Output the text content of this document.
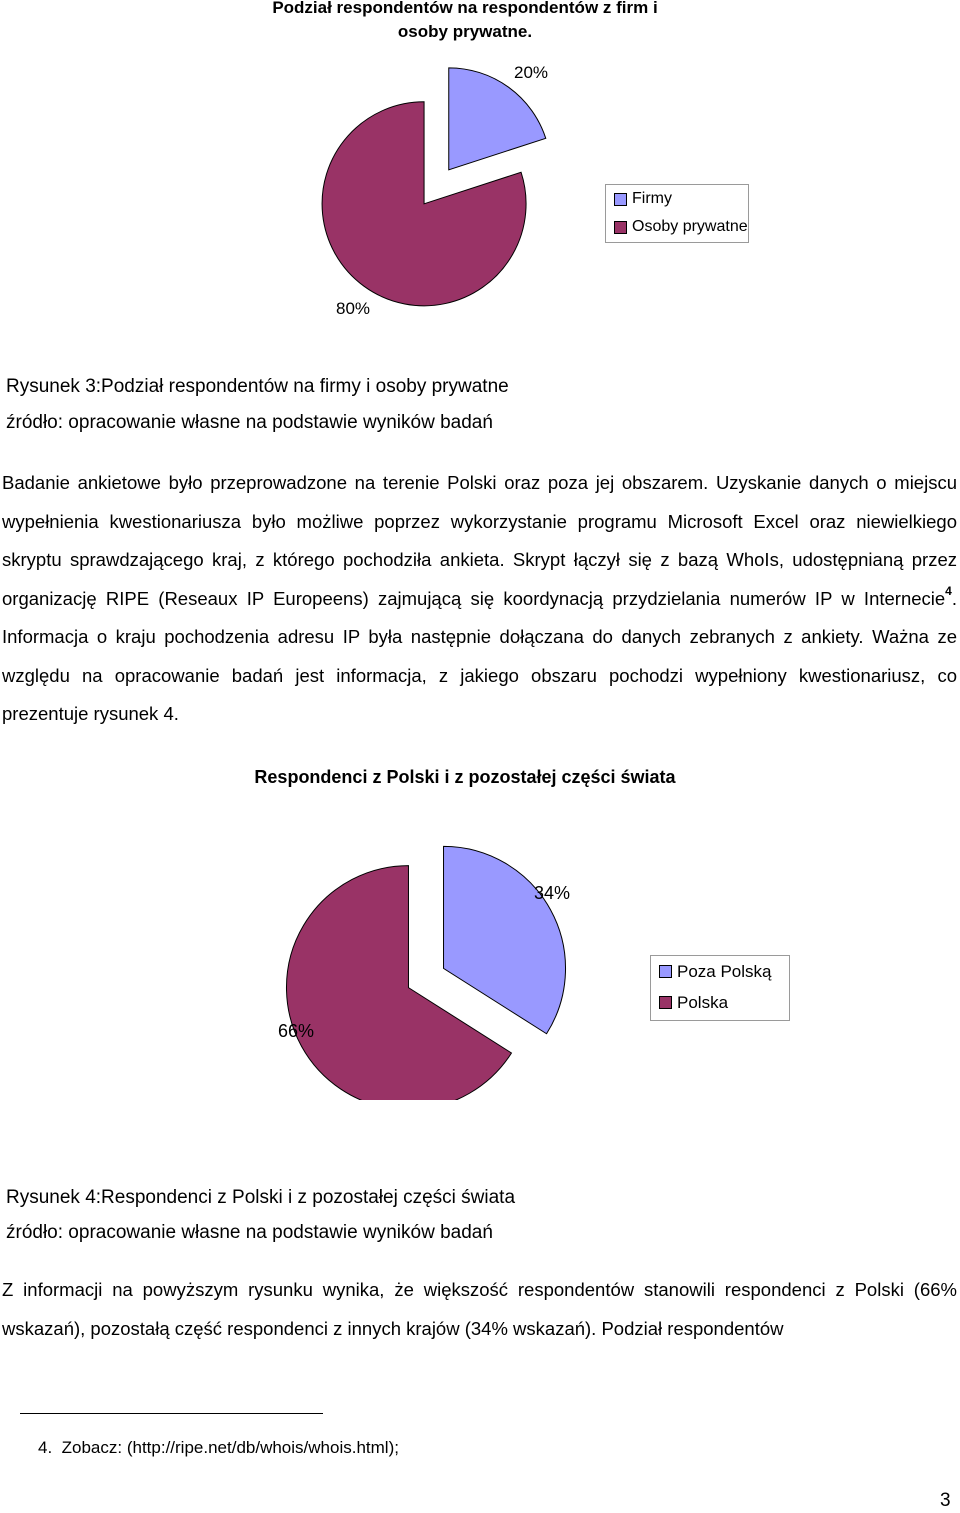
Podział respondentów na respondentów z firm i
osoby prywatne.
20%
80%
Firmy
Osoby prywatne
Rysunek 3:Podział respondentów na firmy i osoby prywatne
źródło: opracowanie własne na podstawie wyników badań
Badanie ankietowe było przeprowadzone na terenie Polski oraz poza jej obszarem. Uzyskanie danych o miejscu wypełnienia kwestionariusza było możliwe poprzez wykorzystanie programu Microsoft Excel oraz niewielkiego skryptu sprawdzającego kraj, z którego pochodziła ankieta. Skrypt łączył się z bazą WhoIs, udostępnianą przez organizację RIPE (Reseaux IP Europeens) zajmującą się koordynacją przydzielania numerów IP w Internecie$^4$. Informacja o kraju pochodzenia adresu IP była następnie dołączana do danych zebranych z ankiety. Ważna ze względu na opracowanie badań jest informacja, z jakiego obszaru pochodzi wypełniony kwestionariusz, co prezentuje rysunek 4.
Respondenci z Polski i z pozostałej części świata
34%
66%
Poza Polską
Polska
Rysunek 4:Respondenci z Polski i z pozostałej części świata
źródło: opracowanie własne na podstawie wyników badań
Z informacji na powyższym rysunku wynika, że większość respondentów stanowili respondenci z Polski (66% wskazań), pozostałą część respondenci z innych krajów (34% wskazań). Podział respondentów
4. Zobacz: (http://ripe.net/db/whois/whois.html);
3
